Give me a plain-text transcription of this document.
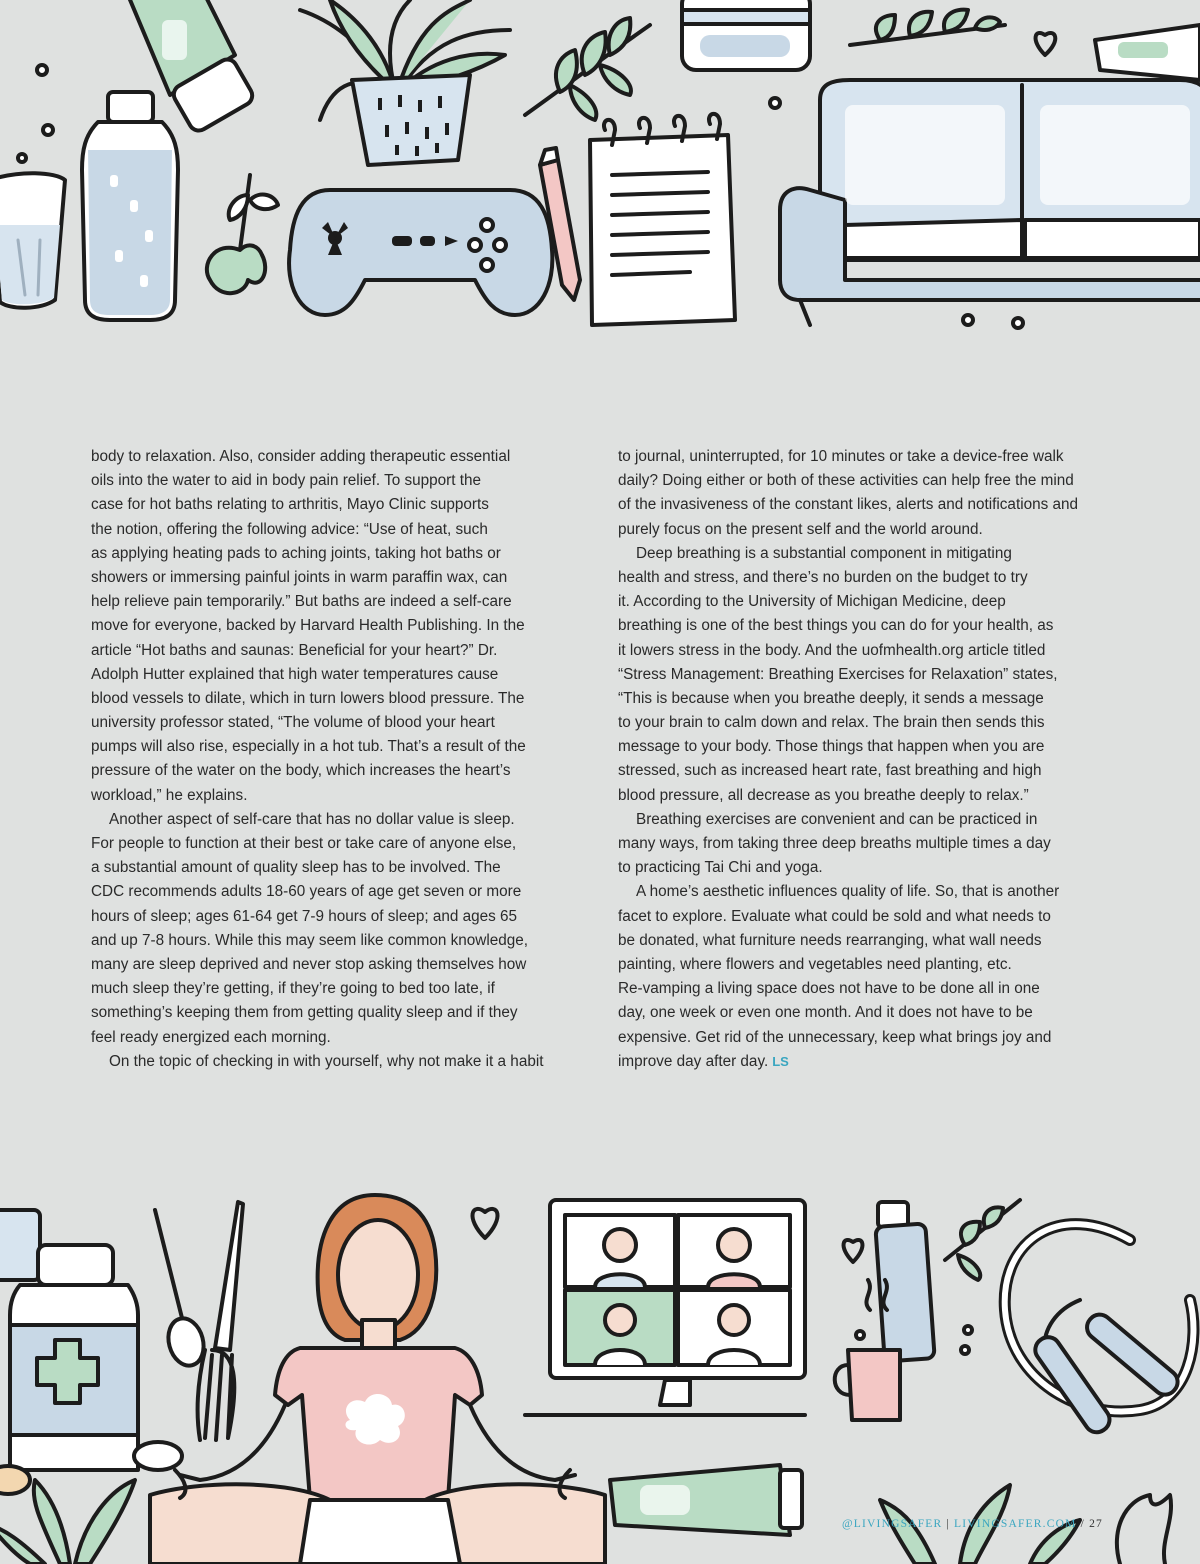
body to relaxation. Also, consider adding therapeutic essential
oils into the water to aid in body pain relief. To support the
case for hot baths relating to arthritis, Mayo Clinic supports
the notion, offering the following advice: “Use of heat, such
as applying heating pads to aching joints, taking hot baths or
showers or immersing painful joints in warm paraffin wax, can
help relieve pain temporarily.” But baths are indeed a self-care
move for everyone, backed by Harvard Health Publishing. In the
article “Hot baths and saunas: Beneficial for your heart?” Dr.
Adolph Hutter explained that high water temperatures cause
blood vessels to dilate, which in turn lowers blood pressure. The
university professor stated, “The volume of blood your heart
pumps will also rise, especially in a hot tub. That’s a result of the
pressure of the water on the body, which increases the heart’s
workload,” he explains.
Another aspect of self-care that has no dollar value is sleep.
For people to function at their best or take care of anyone else,
a substantial amount of quality sleep has to be involved. The
CDC recommends adults 18-60 years of age get seven or more
hours of sleep; ages 61-64 get 7-9 hours of sleep; and ages 65
and up 7-8 hours. While this may seem like common knowledge,
many are sleep deprived and never stop asking themselves how
much sleep they’re getting, if they’re going to bed too late, if
something’s keeping them from getting quality sleep and if they
feel ready energized each morning.
On the topic of checking in with yourself, why not make it a habit
to journal, uninterrupted, for 10 minutes or take a device-free walk
daily? Doing either or both of these activities can help free the mind
of the invasiveness of the constant likes, alerts and notifications and
purely focus on the present self and the world around.
Deep breathing is a substantial component in mitigating
health and stress, and there’s no burden on the budget to try
it. According to the University of Michigan Medicine, deep
breathing is one of the best things you can do for your health, as
it lowers stress in the body. And the uofmhealth.org article titled
“Stress Management: Breathing Exercises for Relaxation” states,
“This is because when you breathe deeply, it sends a message
to your brain to calm down and relax. The brain then sends this
message to your body. Those things that happen when you are
stressed, such as increased heart rate, fast breathing and high
blood pressure, all decrease as you breathe deeply to relax.”
Breathing exercises are convenient and can be practiced in
many ways, from taking three deep breaths multiple times a day
to practicing Tai Chi and yoga.
A home’s aesthetic influences quality of life. So, that is another
facet to explore. Evaluate what could be sold and what needs to
be donated, what furniture needs rearranging, what wall needs
painting, where flowers and vegetables need planting, etc.
Re-vamping a living space does not have to be done all in one
day, one week or even one month. And it does not have to be
expensive. Get rid of the unnecessary, keep what brings joy and
improve day after day. LS
@LIVINGSAFER | LIVINGSAFER.COM / 27
